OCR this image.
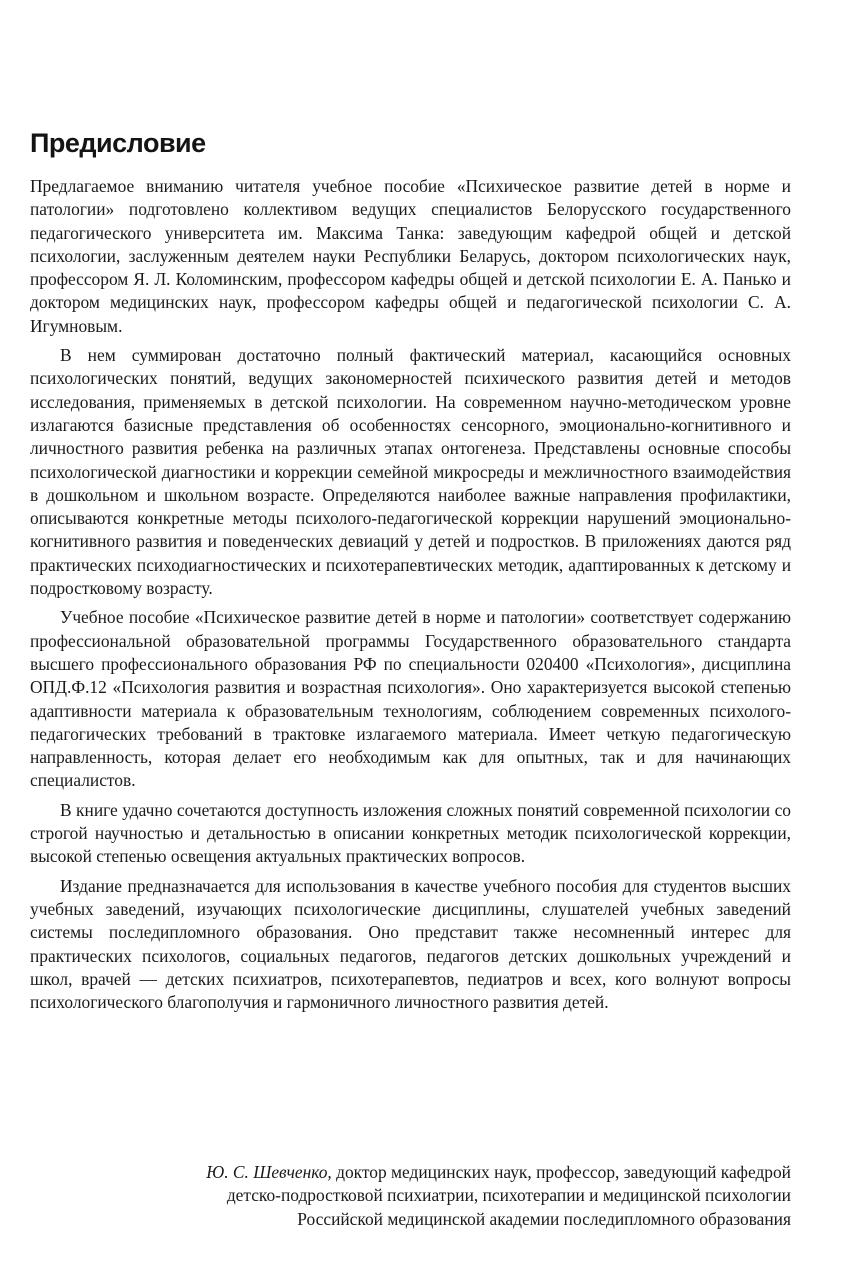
Предисловие

Предлагаемое вниманию читателя учебное пособие «Психическое развитие детей в норме и патологии» подготовлено коллективом ведущих специалистов Белорусского государственного педагогического университета им. Максима Танка: заведующим кафедрой общей и детской психологии, заслуженным деятелем науки Республики Беларусь, доктором психологических наук, профессором Я. Л. Коломинским, профессором кафедры общей и детской психологии Е. А. Панько и доктором медицинских наук, профессором кафедры общей и педагогической психологии С. А. Игумновым.

В нем суммирован достаточно полный фактический материал, касающийся основных психологических понятий, ведущих закономерностей психического развития детей и методов исследования, применяемых в детской психологии. На современном научно-методическом уровне излагаются базисные представления об особенностях сенсорного, эмоционально-когнитивного и личностного развития ребенка на различных этапах онтогенеза. Представлены основные способы психологической диагностики и коррекции семейной микросреды и межличностного взаимодействия в дошкольном и школьном возрасте. Определяются наиболее важные направления профилактики, описываются конкретные методы психолого-педагогической коррекции нарушений эмоционально-когнитивного развития и поведенческих девиаций у детей и подростков. В приложениях даются ряд практических психодиагностических и психотерапевтических методик, адаптированных к детскому и подростковому возрасту.

Учебное пособие «Психическое развитие детей в норме и патологии» соответствует содержанию профессиональной образовательной программы Государственного образовательного стандарта высшего профессионального образования РФ по специальности 020400 «Психология», дисциплина ОПД.Ф.12 «Психология развития и возрастная психология». Оно характеризуется высокой степенью адаптивности материала к образовательным технологиям, соблюдением современных психолого-педагогических требований в трактовке излагаемого материала. Имеет четкую педагогическую направленность, которая делает его необходимым как для опытных, так и для начинающих специалистов.

В книге удачно сочетаются доступность изложения сложных понятий современной психологии со строгой научностью и детальностью в описании конкретных методик психологической коррекции, высокой степенью освещения актуальных практических вопросов.

Издание предназначается для использования в качестве учебного пособия для студентов высших учебных заведений, изучающих психологические дисциплины, слушателей учебных заведений системы последипломного образования. Оно представит также несомненный интерес для практических психологов, социальных педагогов, педагогов детских дошкольных учреждений и школ, врачей — детских психиатров, психотерапевтов, педиатров и всех, кого волнуют вопросы психологического благополучия и гармоничного личностного развития детей.

Ю. С. Шевченко, доктор медицинских наук, профессор, заведующий кафедрой
детско-подростковой психиатрии, психотерапии и медицинской психологии
Российской медицинской академии последипломного образования
